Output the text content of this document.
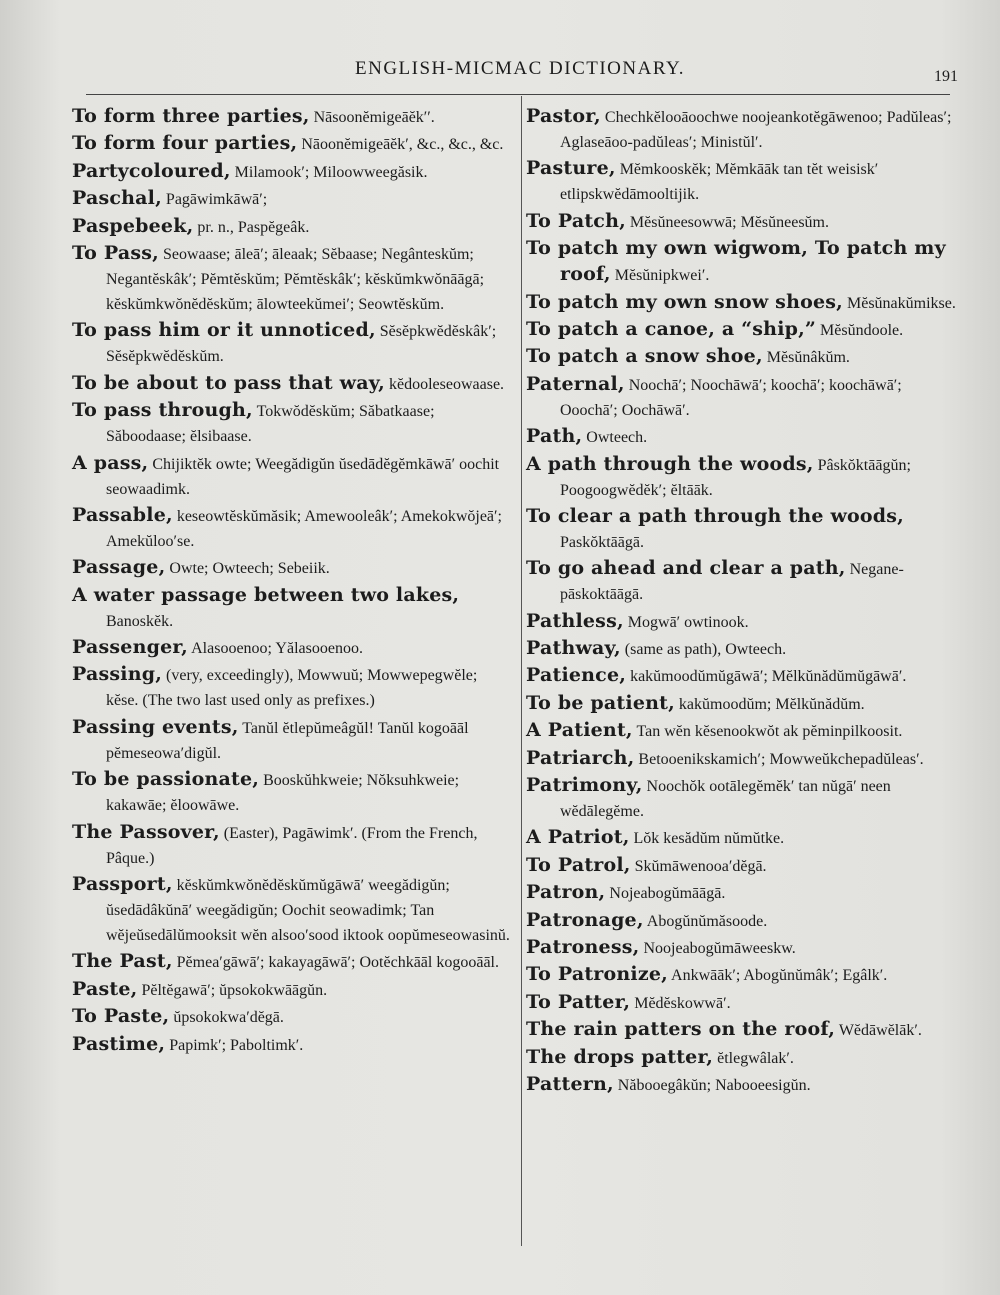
ENGLISH-MICMAC DICTIONARY.	191

To form three parties, Nāsoonĕmigeāĕk′′.

To form four parties, Nāoonĕmigeāĕk′, &c., &c., &c.

Partycoloured, Milamook′; Miloowweegăsik.

Paschal, Pagāwimkāwā′;

Paspebeek, pr. n., Paspĕgeâk.

To Pass, Seowaase; āleā′; āleaak; Sĕbaase; Negânteskŭm; Negantĕskâk′; Pĕmtĕskŭm; Pĕmtĕskâk′; kĕskŭmkwŏnāāgā; kĕskŭmkwŏnĕdĕskŭm; ālowteekŭmei′; Seowtĕskŭm.

To pass him or it unnoticed, Sĕsĕpkwĕdĕskâk′; Sĕsĕpkwĕdĕskŭm.

To be about to pass that way, kĕdooleseowaase.

To pass through, Tokwŏdĕskŭm; Săbatkaase; Săboodaase; ĕlsibaase.

A pass, Chijiktĕk owte; Weegădigŭn ŭsedādĕgĕmkāwā′ oochit seowaadimk.

Passable, keseowtĕskŭmăsik; Amewooleâk′; Amekokwŏjeā′; Amekŭloo′se.

Passage, Owte; Owteech; Sebeiik.

A water passage between two lakes, Banoskĕk.

Passenger, Alasooenoo; Yălasooenoo.

Passing, (very, exceedingly), Mowwuŭ; Mowwepegwĕle; kĕse. (The two last used only as prefixes.)

Passing events, Tanŭl ĕtlepŭmeâgŭl! Tanŭl kogoāāl pĕmeseowa′digŭl.

To be passionate, Booskŭhkweie; Nŏksuhkweie; kakawāe; ĕloowāwe.

The Passover, (Easter), Pagāwimk′. (From the French, Pâque.)

Passport, kĕskŭmkwŏnĕdĕskŭmŭgāwā′ weegădigŭn; ŭsedādâkŭnā′ weegădigŭn; Oochit seowadimk; Tan wĕjeŭsedālŭmooksit wĕn alsoo′sood iktook oopŭmeseowasinŭ.

The Past, Pĕmea′gāwā′; kakayagāwā′; Ootĕchkāāl kogooāāl.

Paste, Pĕltĕgawā′; ŭpsokokwāāgŭn.

To Paste, ŭpsokokwa′dĕgā.

Pastime, Papimk′; Paboltimk′.

Pastor, Chechkĕlooāoochwe noojeankotĕgāwenoo; Padŭleas′; Aglaseāoo-padŭleas′; Ministŭl′.

Pasture, Mĕmkooskĕk; Mĕmkāāk tan tĕt weisisk′ etlipskwĕdāmooltijik.

To Patch, Mĕsŭneesowwā; Mĕsŭneesŭm.

To patch my own wigwom, To patch my roof, Mĕsŭnipkwei′.

To patch my own snow shoes, Mĕsŭnakŭmikse.

To patch a canoe, a “ship,” Mĕsŭndoole.

To patch a snow shoe, Mĕsŭnâkŭm.

Paternal, Noochā′; Noochāwā′; koochā′; koochāwā′; Ooochā′; Oochāwā′.

Path, Owteech.

A path through the woods, Pâskŏktāāgŭn; Poogoogwĕdĕk′; ĕltāāk.

To clear a path through the woods, Paskŏktāāgā.

To go ahead and clear a path, Negane-pāskoktāāgā.

Pathless, Mogwā′ owtinook.

Pathway, (same as path), Owteech.

Patience, kakŭmoodŭmŭgāwā′; Mĕlkŭnădŭmŭgāwā′.

To be patient, kakŭmoodŭm; Mĕlkŭnădŭm.

A Patient, Tan wĕn kĕsenookwŏt ak pĕminpilkoosit.

Patriarch, Betooenikskamich′; Mowweŭkchepadŭleas′.

Patrimony, Noochŏk ootālegĕmĕk′ tan nŭgā′ neen wĕdālegĕme.

A Patriot, Lŏk kesădŭm nŭmŭtke.

To Patrol, Skŭmāwenooa′dĕgā.

Patron, Nojeabogŭmāāgā.

Patronage, Abogŭnŭmăsoode.

Patroness, Noojeabogŭmāweeskw.

To Patronize, Ankwāāk′; Abogŭnŭmâk′; Egâlk′.

To Patter, Mĕdĕskowwā′.

The rain patters on the roof, Wĕdāwĕlāk′.

The drops patter, ĕtlegwâlak′.

Pattern, Năbooegâkŭn; Nabooeesigŭn.
